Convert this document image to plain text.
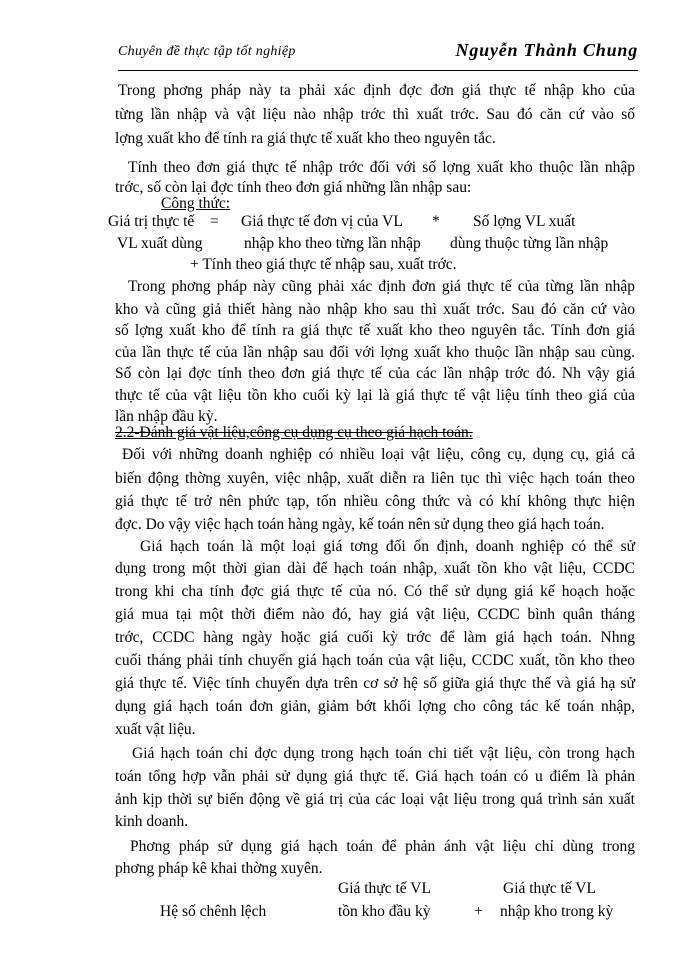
Chuyên đề thực tập tốt nghiệp	Nguyễn Thành Chung
Trong phơng pháp này ta phải xác định đợc đơn giá thực tế nhập kho của
từng lần nhập và vật liệu nào nhập trớc thì xuất trớc. Sau đó căn cứ vào số
lợng xuất kho để tính ra giá thực tế xuất kho theo nguyên tắc.
Tính theo đơn giá thực tế nhập trớc đối với số lợng xuất kho thuộc lần nhập
trớc, số còn lại đợc tính theo đơn giá những lần nhập sau:
Công thức:
Giá trị thực tế = Giá thực tế đơn vị của VL * Số lợng VL xuất
VL xuất dùng	nhập kho theo từng lần nhập dùng thuộc từng lần nhập
+ Tính theo giá thực tế nhập sau, xuất trớc.
Trong phơng pháp này cũng phải xác định đơn giá thực tế của từng lần nhập
kho và cũng giả thiết hàng nào nhập kho sau thì xuất trớc. Sau đó căn cứ vào
số lợng xuất kho để tính ra giá thực tế xuất kho theo nguyên tắc. Tính đơn giá
của lần thực tế của lần nhập sau đối với lợng xuất kho thuộc lần nhập sau cùng.
Số còn lại đợc tính theo đơn giá thực tế của các lần nhập trớc đó. Nh vậy giá
thực tế của vật liệu tồn kho cuối kỳ lại là giá thực tế vật liệu tính theo giá của
lần nhập đầu kỳ.
2.2-Đánh giá vật liệu,công cụ dụng cụ theo giá hạch toán.
Đối với những doanh nghiệp có nhiều loại vật liệu, công cụ, dụng cụ, giá cả
biến động thờng xuyên, việc nhập, xuất diễn ra liên tục thì việc hạch toán theo
giá thực tế trở nên phức tạp, tốn nhiều công thức và có khí không thực hiện
đợc. Do vậy việc hạch toán hàng ngày, kế toán nên sử dụng theo giá hạch toán.
Giá hạch toán là một loại giá tơng đối ổn định, doanh nghiệp có thể sử
dụng trong một thời gian dài để hạch toán nhập, xuất tồn kho vật liệu, CCDC
trong khi cha tính đợc giá thực tế của nó. Có thể sử dụng giá kế hoạch hoặc
giá mua tại một thời điểm nào đó, hay giá vật liệu, CCDC bình quân tháng
trớc, CCDC hàng ngày hoặc giá cuối kỳ trớc để làm giá hạch toán. Nhng
cuối tháng phải tính chuyển giá hạch toán của vật liệu, CCDC xuất, tồn kho theo
giá thực tế. Việc tính chuyển dựa trên cơ sở hệ số giữa giá thực thế và giá hạ sử
dụng giá hạch toán đơn giản, giảm bớt khối lợng cho công tác kế toán nhập,
xuất vật liệu.
Giá hạch toán chỉ đợc dụng trong hạch toán chi tiết vật liệu, còn trong hạch
toán tổng hợp vẫn phải sử dụng giá thực tế. Giá hạch toán có u điểm là phản
ảnh kịp thời sự biến động về giá trị của các loại vật liệu trong quá trình sản xuất
kinh doanh.
Phơng pháp sử dụng giá hạch toán để phản ánh vật liệu chỉ dùng trong
phơng pháp kê khai thờng xuyên.
Giá thực tế VL	Giá thực tế VL
Hệ số chênh lệch	tồn kho đầu kỳ	+ nhập kho trong kỳ
